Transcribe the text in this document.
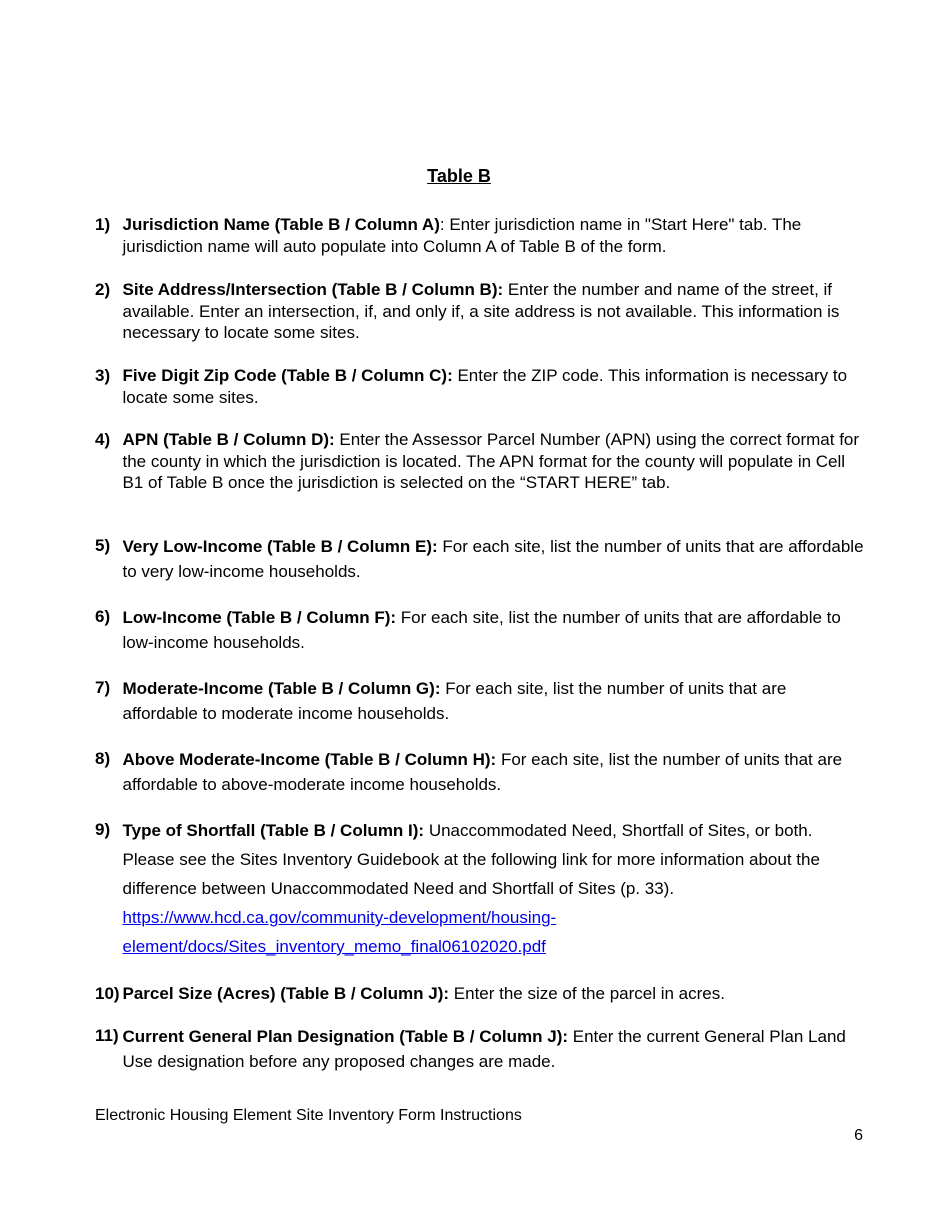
Table B
1) Jurisdiction Name (Table B / Column A): Enter jurisdiction name in "Start Here" tab. The jurisdiction name will auto populate into Column A of Table B of the form.
2) Site Address/Intersection (Table B / Column B): Enter the number and name of the street, if available. Enter an intersection, if, and only if, a site address is not available. This information is necessary to locate some sites.
3) Five Digit Zip Code (Table B / Column C): Enter the ZIP code. This information is necessary to locate some sites.
4) APN (Table B / Column D): Enter the Assessor Parcel Number (APN) using the correct format for the county in which the jurisdiction is located. The APN format for the county will populate in Cell B1 of Table B once the jurisdiction is selected on the “START HERE” tab.
5) Very Low-Income (Table B / Column E): For each site, list the number of units that are affordable to very low-income households.
6) Low-Income (Table B / Column F): For each site, list the number of units that are affordable to low-income households.
7) Moderate-Income (Table B / Column G): For each site, list the number of units that are affordable to moderate income households.
8) Above Moderate-Income (Table B / Column H): For each site, list the number of units that are affordable to above-moderate income households.
9) Type of Shortfall (Table B / Column I): Unaccommodated Need, Shortfall of Sites, or both. Please see the Sites Inventory Guidebook at the following link for more information about the difference between Unaccommodated Need and Shortfall of Sites (p. 33).
https://www.hcd.ca.gov/community-development/housing-element/docs/Sites_inventory_memo_final06102020.pdf
10) Parcel Size (Acres) (Table B / Column J): Enter the size of the parcel in acres.
11) Current General Plan Designation (Table B / Column J): Enter the current General Plan Land Use designation before any proposed changes are made.
Electronic Housing Element Site Inventory Form Instructions
6
